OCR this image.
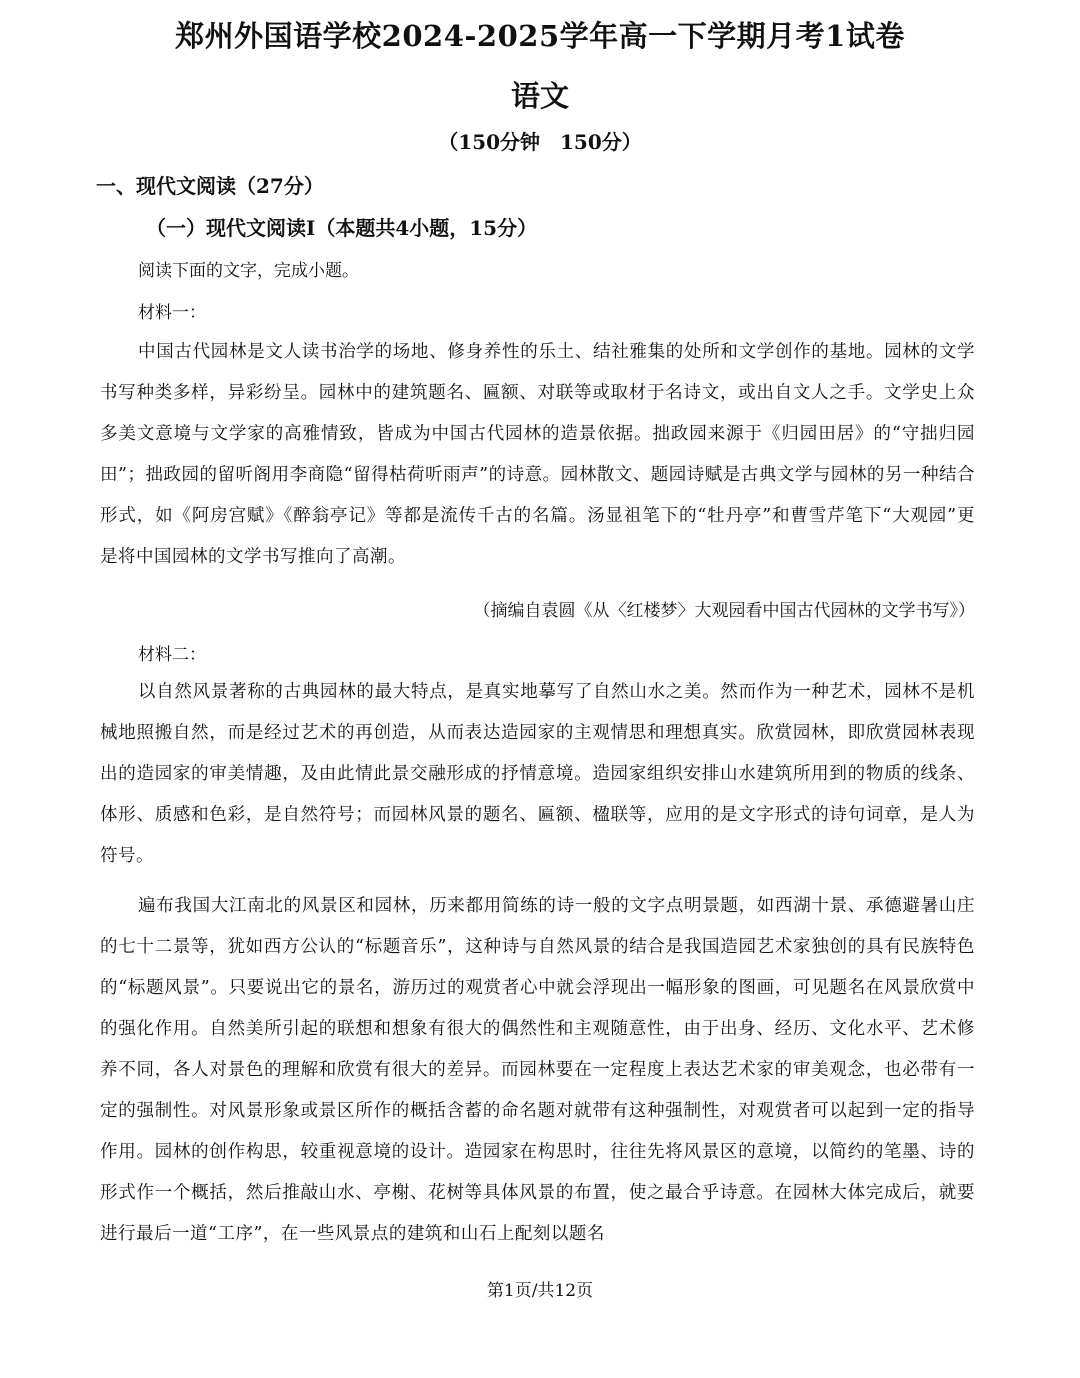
郑州外国语学校2024-2025学年高一下学期月考1试卷
语文
（150分钟　150分）
一、现代文阅读（27分）
（一）现代文阅读Ⅰ（本题共4小题，15分）
阅读下面的文字，完成小题。
材料一：
中国古代园林是文人读书治学的场地、修身养性的乐土、结社雅集的处所和文学创作的基地。园林的文学书写种类多样，异彩纷呈。园林中的建筑题名、匾额、对联等或取材于名诗文，或出自文人之手。文学史上众多美文意境与文学家的高雅情致，皆成为中国古代园林的造景依据。拙政园来源于《归园田居》的“守拙归园田”；拙政园的留听阁用李商隐“留得枯荷听雨声”的诗意。园林散文、题园诗赋是古典文学与园林的另一种结合形式，如《阿房宫赋》《醉翁亭记》等都是流传千古的名篇。汤显祖笔下的“牡丹亭”和曹雪芹笔下“大观园”更是将中国园林的文学书写推向了高潮。
（摘编自袁圆《从〈红楼梦〉大观园看中国古代园林的文学书写》）
材料二：
以自然风景著称的古典园林的最大特点，是真实地摹写了自然山水之美。然而作为一种艺术，园林不是机械地照搬自然，而是经过艺术的再创造，从而表达造园家的主观情思和理想真实。欣赏园林，即欣赏园林表现出的造园家的审美情趣，及由此情此景交融形成的抒情意境。造园家组织安排山水建筑所用到的物质的线条、体形、质感和色彩，是自然符号；而园林风景的题名、匾额、楹联等，应用的是文字形式的诗句词章，是人为符号。
遍布我国大江南北的风景区和园林，历来都用简练的诗一般的文字点明景题，如西湖十景、承德避暑山庄的七十二景等，犹如西方公认的“标题音乐”，这种诗与自然风景的结合是我国造园艺术家独创的具有民族特色的“标题风景”。只要说出它的景名，游历过的观赏者心中就会浮现出一幅形象的图画，可见题名在风景欣赏中的强化作用。自然美所引起的联想和想象有很大的偶然性和主观随意性，由于出身、经历、文化水平、艺术修养不同，各人对景色的理解和欣赏有很大的差异。而园林要在一定程度上表达艺术家的审美观念，也必带有一定的强制性。对风景形象或景区所作的概括含蓄的命名题对就带有这种强制性，对观赏者可以起到一定的指导作用。园林的创作构思，较重视意境的设计。造园家在构思时，往往先将风景区的意境，以简约的笔墨、诗的形式作一个概括，然后推敲山水、亭榭、花树等具体风景的布置，使之最合乎诗意。在园林大体完成后，就要进行最后一道“工序”，在一些风景点的建筑和山石上配刻以题名
第1页/共12页
